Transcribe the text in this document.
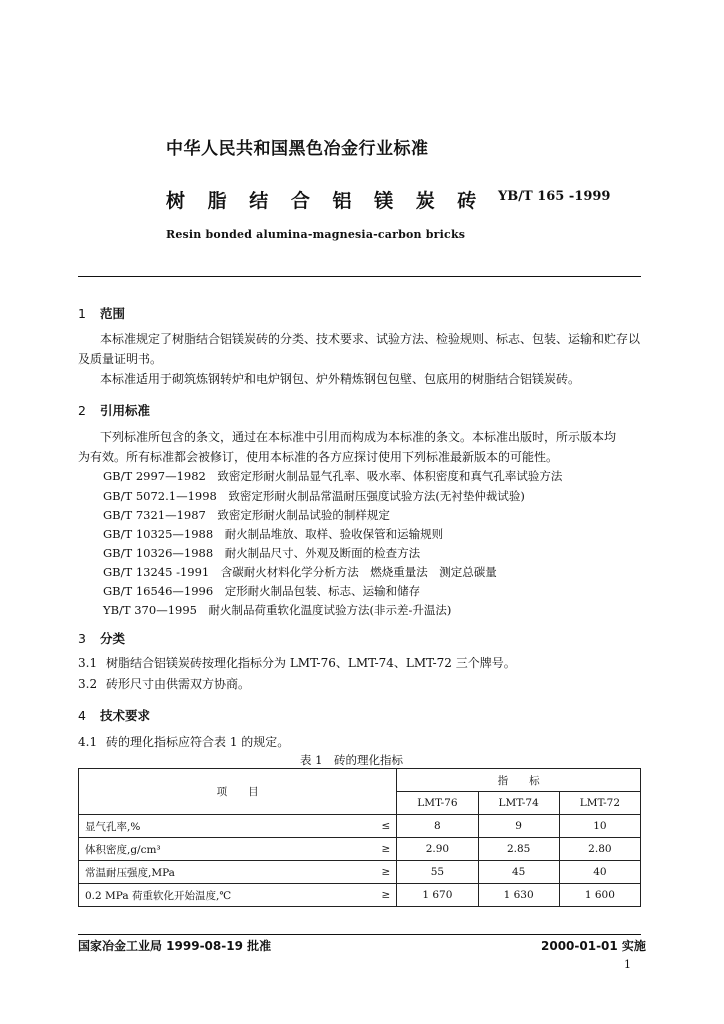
中华人民共和国黑色冶金行业标准
树 脂 结 合 铝 镁 炭 砖 YB/T 165 -1999
Resin bonded alumina-magnesia-carbon bricks
1 范围
本标准规定了树脂结合铝镁炭砖的分类、技术要求、试验方法、检验规则、标志、包装、运输和贮存以
及质量证明书。
本标准适用于砌筑炼钢转炉和电炉钢包、炉外精炼钢包包壁、包底用的树脂结合铝镁炭砖。
2 引用标准
下列标准所包含的条文，通过在本标准中引用而构成为本标准的条文。本标准出版时，所示版本均
为有效。所有标准都会被修订，使用本标准的各方应探讨使用下列标准最新版本的可能性。
GB/T 2997—1982　致密定形耐火制品显气孔率、吸水率、体积密度和真气孔率试验方法
GB/T 5072.1—1998　致密定形耐火制品常温耐压强度试验方法(无衬垫仲裁试验)
GB/T 7321—1987　致密定形耐火制品试验的制样规定
GB/T 10325—1988　耐火制品堆放、取样、验收保管和运输规则
GB/T 10326—1988　耐火制品尺寸、外观及断面的检查方法
GB/T 13245 -1991　含碳耐火材料化学分析方法　燃烧重量法　测定总碳量
GB/T 16546—1996　定形耐火制品包装、标志、运输和储存
YB/T 370—1995　耐火制品荷重软化温度试验方法(非示差-升温法)
3 分类
3.1 树脂结合铝镁炭砖按理化指标分为 LMT-76、LMT-74、LMT-72 三个牌号。
3.2 砖形尺寸由供需双方协商。
4 技术要求
4.1 砖的理化指标应符合表 1 的规定。
表 1　砖的理化指标
项　　目		指　　标		
		LMT-76	LMT-74	LMT-72
显气孔率,%	≤	8	9	10
体积密度,g/cm³	≥	2.90	2.85	2.80
常温耐压强度,MPa	≥	55	45	40
0.2 MPa 荷重软化开始温度,℃	≥	1 670	1 630	1 600
国家冶金工业局 1999-08-19 批准	2000-01-01 实施
1
